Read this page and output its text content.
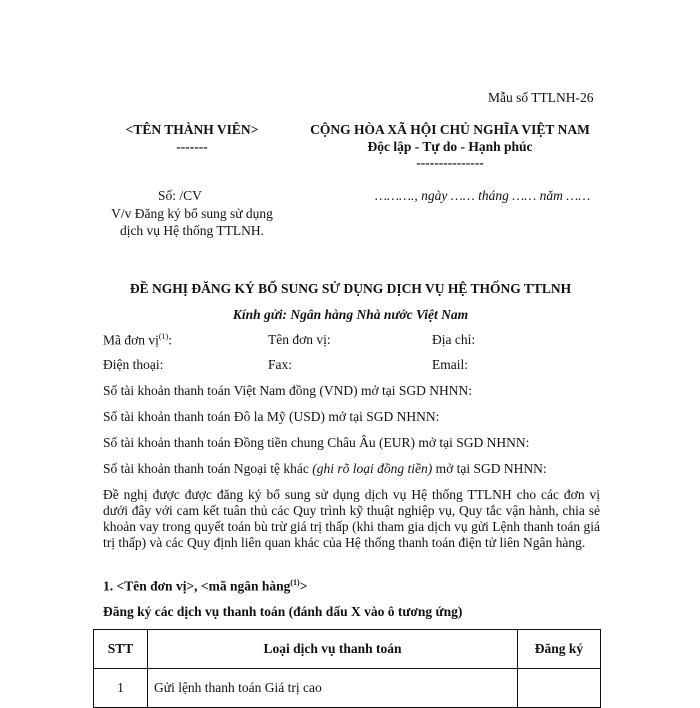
Mẫu số TTLNH-26
<TÊN THÀNH VIÊN>
-------
CỘNG HÒA XÃ HỘI CHỦ NGHĨA VIỆT NAM
Độc lập - Tự do - Hạnh phúc
---------------
Số: /CV
V/v Đăng ký bổ sung sử dụng
dịch vụ Hệ thống TTLNH.
………., ngày …… tháng …… năm ……
ĐỀ NGHỊ ĐĂNG KÝ BỔ SUNG SỬ DỤNG DỊCH VỤ HỆ THỐNG TTLNH
Kính gửi: Ngân hàng Nhà nước Việt Nam
Mã đơn vị$^{(1)}$:	Tên đơn vị:	Địa chỉ:
Điện thoại:	Fax:	Email:
Số tài khoản thanh toán Việt Nam đồng (VND) mở tại SGD NHNN:
Số tài khoản thanh toán Đô la Mỹ (USD) mở tại SGD NHNN:
Số tài khoản thanh toán Đồng tiền chung Châu Âu (EUR) mở tại SGD NHNN:
Số tài khoản thanh toán Ngoại tệ khác (ghi rõ loại đồng tiền) mở tại SGD NHNN:
Đề nghị được được đăng ký bổ sung sử dụng dịch vụ Hệ thống TTLNH cho các đơn vị dưới đây với cam kết tuân thủ các Quy trình kỹ thuật nghiệp vụ, Quy tắc vận hành, chia sẻ khoản vay trong quyết toán bù trừ giá trị thấp (khi tham gia dịch vụ gửi Lệnh thanh toán giá trị thấp) và các Quy định liên quan khác của Hệ thống thanh toán điện tử liên Ngân hàng.
1. <Tên đơn vị>, <mã ngân hàng$^{(1)}$>
Đăng ký các dịch vụ thanh toán (đánh dấu X vào ô tương ứng)
STT	Loại dịch vụ thanh toán	Đăng ký
1	Gửi lệnh thanh toán Giá trị cao	
